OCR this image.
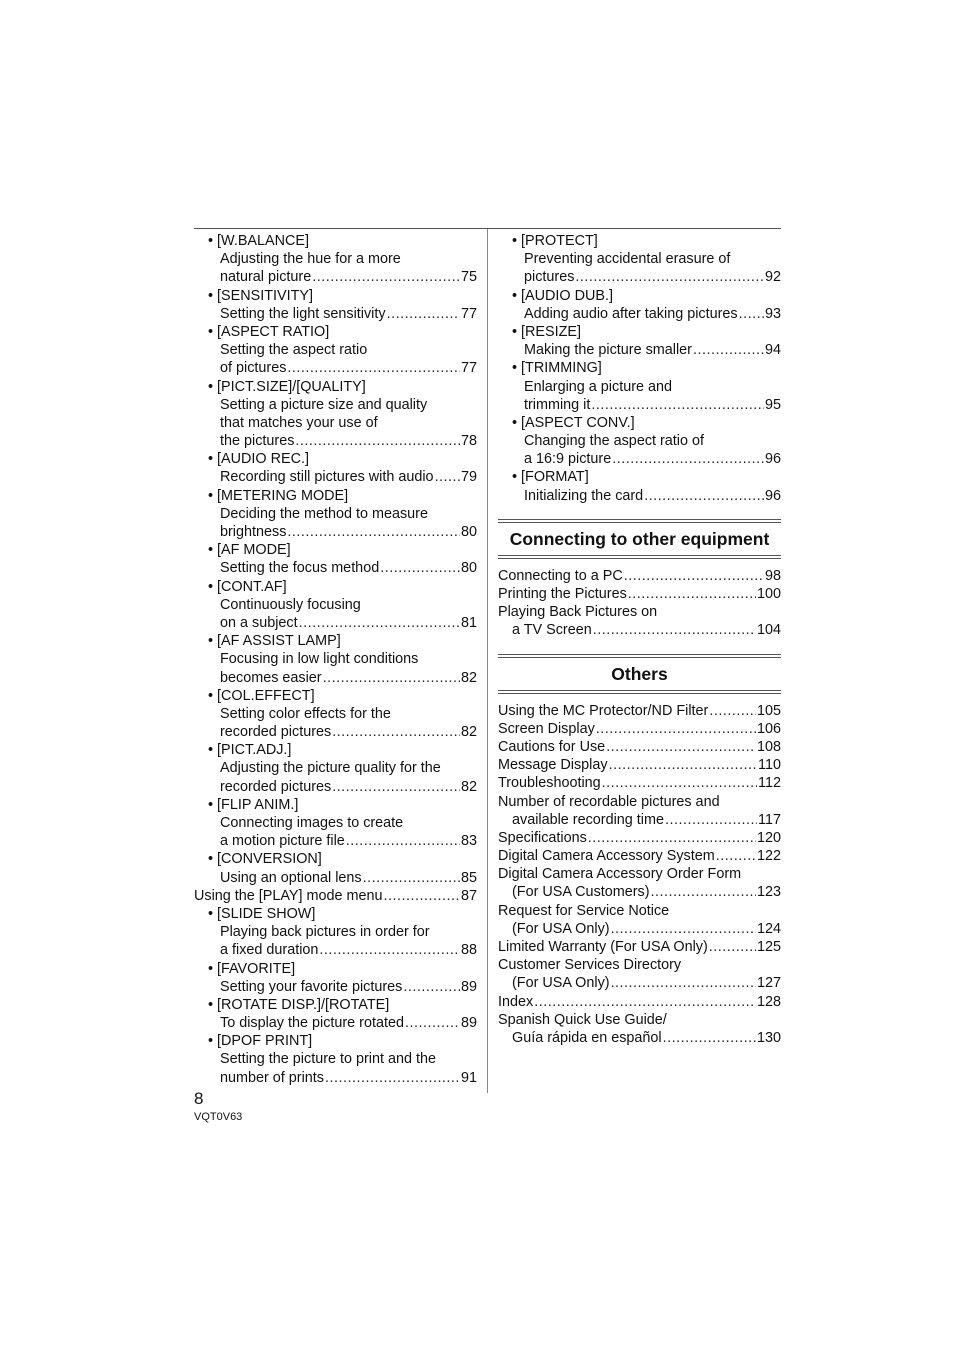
• [W.BALANCE]
Adjusting the hue for a more
natural picture .....	75
• [SENSITIVITY]
Setting the light sensitivity .....	77
• [ASPECT RATIO]
Setting the aspect ratio
of pictures .....	77
• [PICT.SIZE]/[QUALITY]
Setting a picture size and quality
that matches your use of
the pictures .....	78
• [AUDIO REC.]
Recording still pictures with audio ..... 79
• [METERING MODE]
Deciding the method to measure
brightness .....	80
• [AF MODE]
Setting the focus method .....	80
• [CONT.AF]
Continuously focusing
on a subject .....	81
• [AF ASSIST LAMP]
Focusing in low light conditions
becomes easier .....	82
• [COL.EFFECT]
Setting color effects for the
recorded pictures .....	82
• [PICT.ADJ.]
Adjusting the picture quality for the
recorded pictures .....	82
• [FLIP ANIM.]
Connecting images to create
a motion picture file .....	83
• [CONVERSION]
Using an optional lens .....	85
Using the [PLAY] mode menu .....	87
• [SLIDE SHOW]
Playing back pictures in order for
a fixed duration .....	88
• [FAVORITE]
Setting your favorite pictures .....	89
• [ROTATE DISP.]/[ROTATE]
To display the picture rotated .....	89
• [DPOF PRINT]
Setting the picture to print and the
number of prints .....	91
• [PROTECT]
Preventing accidental erasure of
pictures .....	92
• [AUDIO DUB.]
Adding audio after taking pictures ..... 93
• [RESIZE]
Making the picture smaller .....	94
• [TRIMMING]
Enlarging a picture and
trimming it .....	95
• [ASPECT CONV.]
Changing the aspect ratio of
a 16:9 picture .....	96
• [FORMAT]
Initializing the card .....	96
Connecting to other equipment
Connecting to a PC .....	98
Printing the Pictures .....	100
Playing Back Pictures on
a TV Screen .....	104
Others
Using the MC Protector/ND Filter .....	105
Screen Display .....	106
Cautions for Use .....	108
Message Display .....	110
Troubleshooting .....	112
Number of recordable pictures and
available recording time .....	117
Specifications .....	120
Digital Camera Accessory System .....	122
Digital Camera Accessory Order Form
(For USA Customers) .....	123
Request for Service Notice
(For USA Only) .....	124
Limited Warranty (For USA Only) .....	125
Customer Services Directory
(For USA Only) .....	127
Index .....	128
Spanish Quick Use Guide/
Guía rápida en español .....	130
8
VQT0V63
